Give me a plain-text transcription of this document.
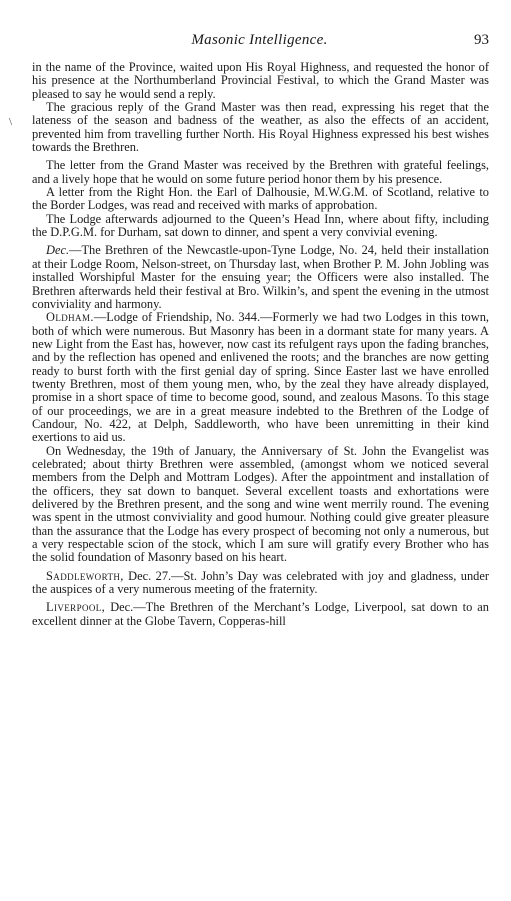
Masonic Intelligence.	93
\

in the name of the Province, waited upon His Royal Highness, and requested the honor of his presence at the Northumberland Provincial Festival, to which the Grand Master was pleased to say he would send a reply.

The gracious reply of the Grand Master was then read, expressing his reget that the lateness of the season and badness of the weather, as also the effects of an accident, prevented him from travelling further North. His Royal Highness expressed his best wishes towards the Brethren.

The letter from the Grand Master was received by the Brethren with grateful feelings, and a lively hope that he would on some future period honor them by his presence.

A letter from the Right Hon. the Earl of Dalhousie, M.W.G.M. of Scotland, relative to the Border Lodges, was read and received with marks of approbation.

The Lodge afterwards adjourned to the Queen’s Head Inn, where about fifty, including the D.P.G.M. for Durham, sat down to dinner, and spent a very convivial evening.

Dec.—The Brethren of the Newcastle-upon-Tyne Lodge, No. 24, held their installation at their Lodge Room, Nelson-street, on Thursday last, when Brother P. M. John Jobling was installed Worshipful Master for the ensuing year; the Officers were also installed. The Brethren afterwards held their festival at Bro. Wilkin’s, and spent the evening in the utmost conviviality and harmony.

Oldham.—Lodge of Friendship, No. 344.—Formerly we had two Lodges in this town, both of which were numerous. But Masonry has been in a dormant state for many years. A new Light from the East has, however, now cast its refulgent rays upon the fading branches, and by the reflection has opened and enlivened the roots; and the branches are now getting ready to burst forth with the first genial day of spring. Since Easter last we have enrolled twenty Brethren, most of them young men, who, by the zeal they have already displayed, promise in a short space of time to become good, sound, and zealous Masons. To this stage of our proceedings, we are in a great measure indebted to the Brethren of the Lodge of Candour, No. 422, at Delph, Saddleworth, who have been unremitting in their kind exertions to aid us.

On Wednesday, the 19th of January, the Anniversary of St. John the Evangelist was celebrated; about thirty Brethren were assembled, (amongst whom we noticed several members from the Delph and Mottram Lodges). After the appointment and installation of the officers, they sat down to banquet. Several excellent toasts and exhortations were delivered by the Brethren present, and the song and wine went merrily round. The evening was spent in the utmost conviviality and good humour. Nothing could give greater pleasure than the assurance that the Lodge has every prospect of becoming not only a numerous, but a very respectable scion of the stock, which I am sure will gratify every Brother who has the solid foundation of Masonry based on his heart.

Saddleworth, Dec. 27.—St. John’s Day was celebrated with joy and gladness, under the auspices of a very numerous meeting of the fraternity.

Liverpool, Dec.—The Brethren of the Merchant’s Lodge, Liverpool, sat down to an excellent dinner at the Globe Tavern, Copperas-hill
